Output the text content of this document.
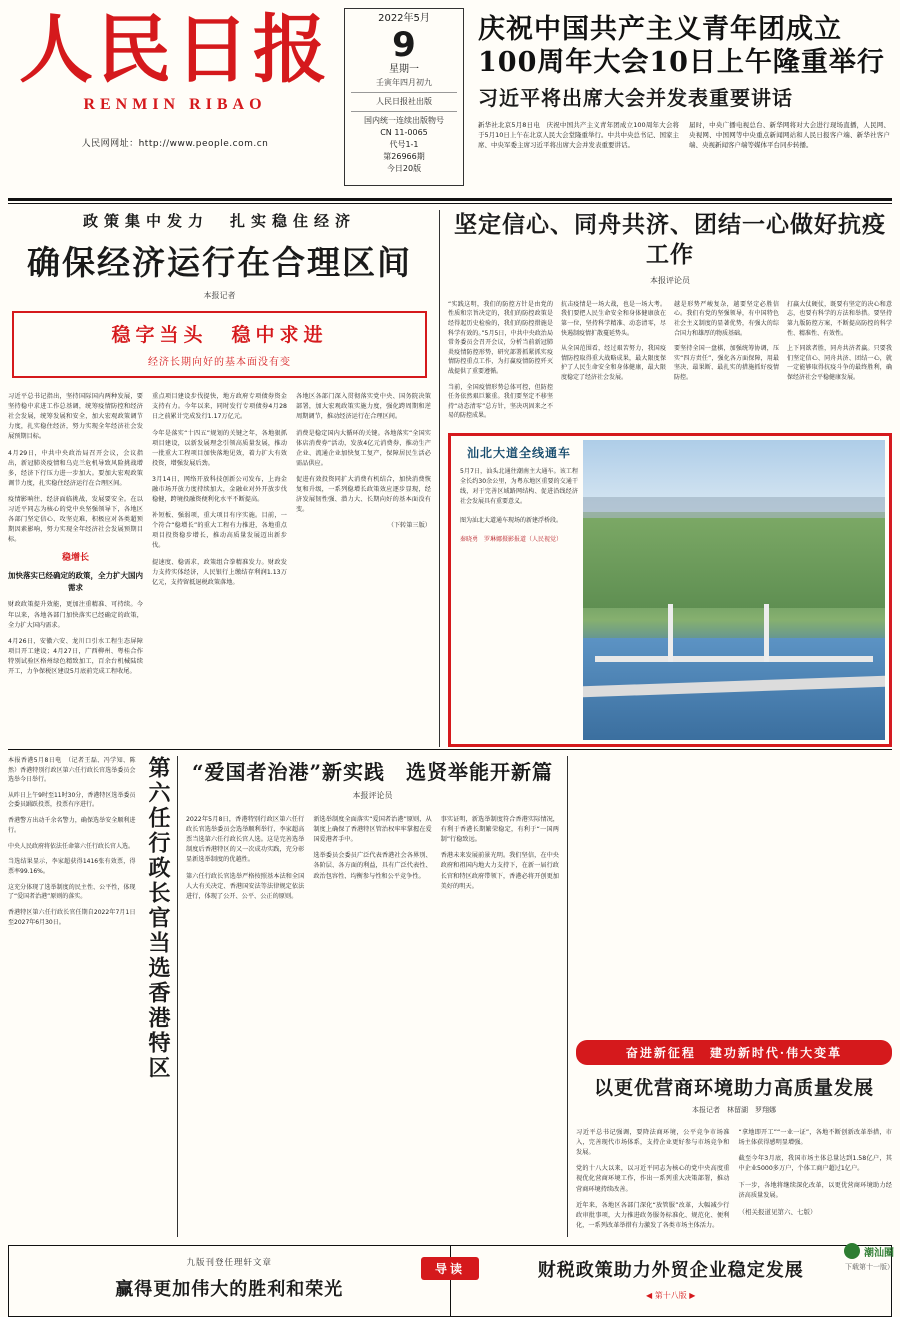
人民日报
RENMIN RIBAO
人民网网址：http://www.people.com.cn
2022年5月
9
星期一
壬寅年四月初九
人民日报社出版
国内统一连续出版物号
CN 11-0065
代号1-1
第26966期
今日20版
庆祝中国共产主义青年团成立100周年大会10日上午隆重举行
习近平将出席大会并发表重要讲话
新华社北京5月8日电　庆祝中国共产主义青年团成立100周年大会将于5月10日上午在北京人民大会堂隆重举行。中共中央总书记、国家主席、中央军委主席习近平将出席大会并发表重要讲话。
届时，中央广播电视总台、新华网将对大会进行现场直播，人民网、央视网、中国网等中央重点新闻网站和人民日报客户端、新华社客户端、央视新闻客户端等媒体平台同步转播。
政策集中发力　扎实稳住经济
确保经济运行在合理区间
本报记者
稳字当头　稳中求进
经济长期向好的基本面没有变

习近平总书记指出，坚持国际国内两种发展，要坚持稳中求进工作总基调，统筹疫情防控和经济社会发展，统筹发展和安全，加大宏观政策调节力度，扎实稳住经济，努力实现全年经济社会发展预期目标。

4月29日，中共中央政治局召开会议，会议指出，新冠肺炎疫情和乌克兰危机导致风险挑战增多，经济下行压力进一步加大。要加大宏观政策调节力度，扎实稳住经济运行在合理区间。

疫情影响往、经济面临挑战，发展要安全。在以习近平同志为核心的党中央坚强领导下，各地区各部门坚定信心、攻坚克难，积极应对各类超预期因素影响，努力实现全年经济社会发展预期目标。

稳增长
加快落实已经确定的政策，全力扩大国内需求

财政政策提升效能，更加注重精准、可持续。今年以来，各地各部门加快落实已经确定的政策，全力扩大国内需求。

4月26日，安徽六安、龙川口引水工程生态屏障项目开工建设；4月27日，广西柳州、粤桂合作特别试验区格州绿色精致加工，百余台机械陆续开工，力争保税区建设5月底前完成工程收尾。

重点项目建设步伐提快，地方政府专项债券资金支持有力。今年以来，同时发行专项债券4月28日之前累计完成发行1.17万亿元。

今年是落实“十四五”规划的关键之年，各地狠抓项目建设，以新发展理念引领高质量发展，推动一批重大工程项目加快落地见效，着力扩大有效投资，增强发展后劲。

3月14日，网络开放科技创新公司发布，上海金融市场开放力度持续加大，金融业对外开放步伐稳健，跨境投融资便利化水平不断提高。

补短板、强弱项，重大项目有序实施。目前，一个符合“稳增长”的重大工程有力推进，各地重点项目投资稳步增长，推动高质量发展迈出新步伐。

提速度、稳需求，政策组合拳精准发力。财政发力支持实体经济，人民银行上缴结存利润1.13万亿元，支持留抵退税政策落地。

各地区各部门深入贯彻落实党中央、国务院决策部署，加大宏观政策实施力度，强化跨周期和逆周期调节，推动经济运行在合理区间。

消费是稳定国内大循环的关键。各地落实“全国实体店消费券”活动，发放4亿元消费券，推动生产企业、流通企业加快复工复产，保障居民生活必需品供应。

促进有效投资同扩大消费有机结合，加快消费恢复和升级，一系列稳增长政策效应逐步显现，经济发展韧性强、潜力大、长期向好的基本面没有变。

（下转第三版）

坚定信心、同舟共济、团结一心做好抗疫工作
本报评论员

“实践这明，我们的防控方针是由党的性质和宗旨决定的，我们的防控政策是经得起历史检验的，我们的防控措施是科学有效的。”5月5日，中共中央政治局常务委员会召开会议，分析当前新冠肺炎疫情防控形势，研究部署抓紧抓实疫情防控重点工作，为打赢疫情防控歼灭战提供了重要遵循。

当前，全国疫情形势总体可控，但防控任务依然艰巨繁重。我们要坚定不移坚持“动态清零”总方针，坚决巩固来之不易的防控成果。

抗击疫情是一场大战，也是一场大考。我们要把人民生命安全和身体健康放在第一位，坚持科学精准、动态清零，尽快遏制疫情扩散蔓延势头。

从全国范围看，经过艰苦努力，我国疫情防控取得重大战略成果，最大限度保护了人民生命安全和身体健康，最大限度稳定了经济社会发展。

越是形势严峻复杂，越要坚定必胜信心。我们有党的坚强领导，有中国特色社会主义制度的显著优势，有强大的综合国力和雄厚的物质基础。

要坚持全国一盘棋，加强统筹协调，压实“四方责任”，强化各方面保障，用最坚决、最果断、最扎实的措施抓好疫情防控。

打赢大仗硬仗，既要有坚定的决心和意志，也要有科学的方法和举措。要坚持第九版防控方案，不断提高防控的科学性、精准性、有效性。

上下同欲者胜，同舟共济者赢。只要我们坚定信心、同舟共济、团结一心，就一定能够取得抗疫斗争的最终胜利，确保经济社会平稳健康发展。

汕北大道全线通车
5月7日，汕头北通往潮南主大通车。该工程全长约30余公里，为粤东地区重要的交通干线，对于完善区域路网结构、促进沿线经济社会发展具有重要意义。
图为汕北大道通车现场的新建浮桥段。
秦晓勇　罗琳娜摄影报道（人民视觉）
本报香港5月8日电　（记者王磊、冯学知、陈然）香港特别行政区第六任行政长官选举委员会选举今日举行。

从昨日上午9时至11时30分，香港特区选举委员会委员踊跃投票，投票有序进行。

香港警方出动千余名警力，确保选举安全顺利进行。

中央人民政府将依法任命第六任行政长官人选。

当选结果显示，李家超获得1416张有效票，得票率99.16%。

这充分体现了选举制度的民主性、公平性，体现了“爱国者治港”原则的落实。

香港特区第六任行政长官任期自2022年7月1日至2027年6月30日。	第六任行政长官当选香港特区 “爱国者治港”新实践　选贤举能开新篇
本报评论员

2022年5月8日，香港特别行政区第六任行政长官选举委员会选举顺利举行，李家超高票当选第六任行政长官人选。这是完善选举制度后香港特区的又一次成功实践，充分彰显新选举制度的优越性。

第六任行政长官选举严格按照基本法和全国人大有关决定、香港国安法等法律规定依法进行，体现了公开、公平、公正的原则。

新选举制度全面落实“爱国者治港”原则，从制度上确保了香港特区管治权牢牢掌握在爱国爱港者手中。

选举委员会委员广泛代表香港社会各界别、各阶层、各方面的利益，具有广泛代表性、政治包容性、均衡参与性和公平竞争性。

事实证明，新选举制度符合香港实际情况，有利于香港长期繁荣稳定，有利于“一国两制”行稳致远。

香港未来发展前景光明。我们坚信，在中央政府和祖国内地大力支持下，在新一届行政长官和特区政府带领下，香港必将开创更加美好的明天。

奋进新征程　建功新时代·伟大变革
以更优营商环境助力高质量发展
本报记者　林留湖　罗翔娜

习近平总书记强调，要降法商环境，公平竞争市场准入，完善现代市场体系，支持企业更好参与市场竞争和发展。

党的十八大以来，以习近平同志为核心的党中央高度重视优化营商环境工作，作出一系列重大决策部署，推动营商环境持续改善。

近年来，各地区各部门深化“放管服”改革，大幅减少行政审批事项，大力推进政务服务标准化、规范化、便利化，一系列改革举措有力激发了各类市场主体活力。

“拿地即开工”“一业一证”，各地不断创新改革举措，市场主体获得感明显增强。

截至今年3月底，我国市场主体总量达到1.58亿户，其中企业5000多万户，个体工商户超过1亿户。

下一步，各地将继续深化改革，以更优营商环境助力经济高质量发展。

（相关报道见第六、七版）

九版刊登任理轩文章
赢得更加伟大的胜利和荣光
财税政策助力外贸企业稳定发展
◀ 第十八版 ▶
导读
潮汕圈
下载第十一版）
